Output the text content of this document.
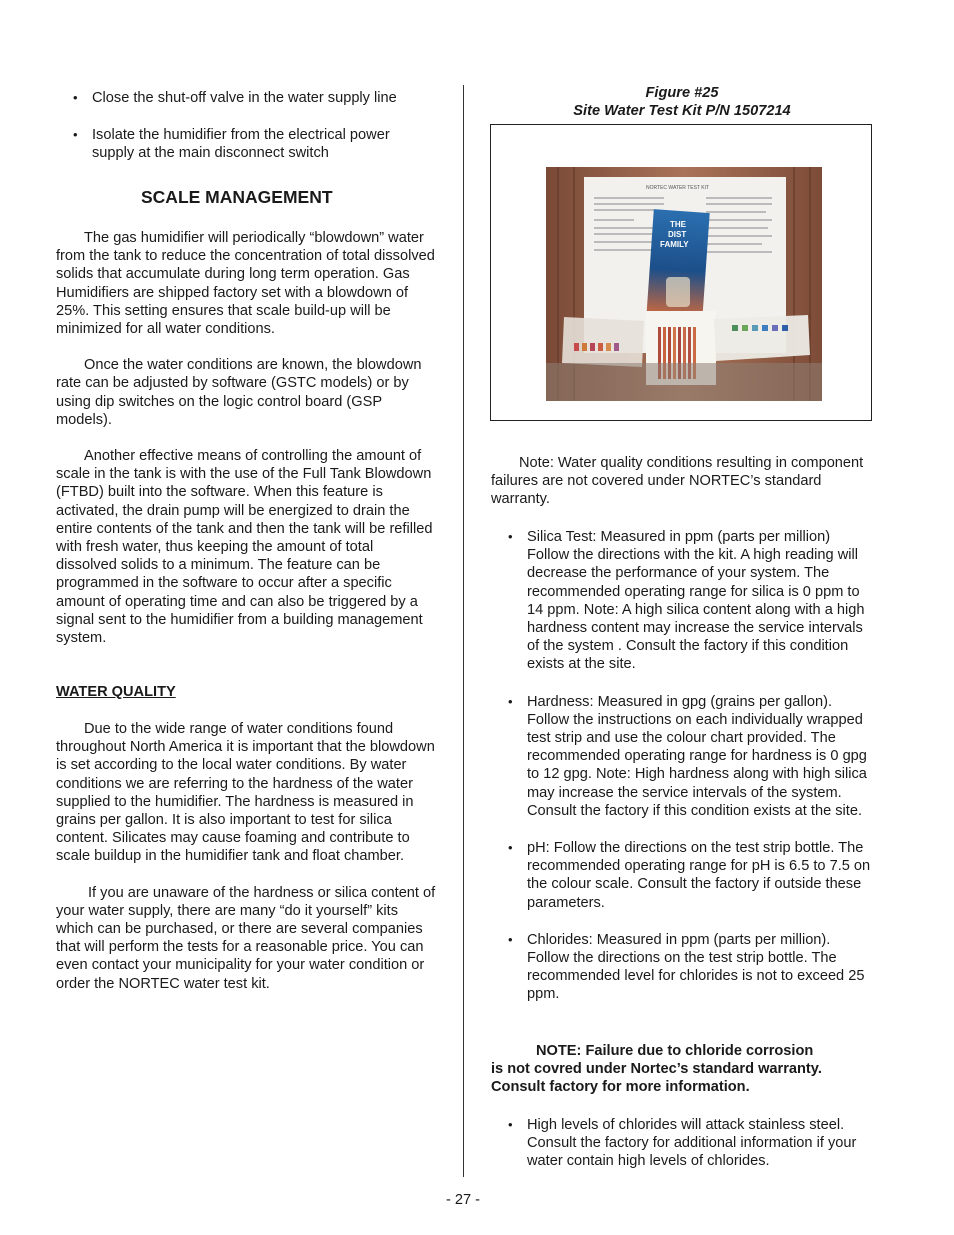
• Close the shut-off valve in the water supply line
• Isolate the humidifier from the electrical power supply at the main disconnect switch
SCALE MANAGEMENT

The gas humidifier will periodically “blowdown” water from the tank to reduce the concentration of total dissolved solids that accumulate during long term operation. Gas Humidifiers are shipped factory set with a blowdown of 25%. This setting ensures that scale build-up will be minimized for all water conditions.

Once the water conditions are known, the blowdown rate can be adjusted by software (GSTC models) or by using dip switches on the logic control board (GSP models).

Another effective means of controlling the amount of scale in the tank is with the use of the Full Tank Blowdown (FTBD) built into the software. When this feature is activated, the drain pump will be energized to drain the entire contents of the tank and then the tank will be refilled with fresh water, thus keeping the amount of total dissolved solids to a minimum. The feature can be programmed in the software to occur after a specific amount of operating time and can also be triggered by a signal sent to the humidifier from a building management system.

WATER QUALITY

Due to the wide range of water conditions found throughout North America it is important that the blowdown is set according to the local water conditions. By water conditions we are referring to the hardness of the water supplied to the humidifier. The hardness is measured in grains per gallon. It is also important to test for silica content. Silicates may cause foaming and contribute to scale buildup in the humidifier tank and float chamber.

If you are unaware of the hardness or silica content of your water supply, there are many “do it yourself” kits which can be purchased, or there are several companies that will perform the tests for a reasonable price. You can even contact your municipality for your water condition or order the NORTEC water test kit.

Figure #25
Site Water Test Kit P/N 1507214
NORTEC WATER TEST KIT
THE DIST FAMILY

Note: Water quality conditions resulting in component failures are not covered under NORTEC’s standard warranty.

• Silica Test: Measured in ppm (parts per million) Follow the directions with the kit. A high reading will decrease the performance of your system. The recommended operating range for silica is 0 ppm to 14 ppm. Note: A high silica content along with a high hardness content may increase the service intervals of the system . Consult the factory if this condition exists at the site.
• Hardness: Measured in gpg (grains per gallon). Follow the instructions on each individually wrapped test strip and use the colour chart provided. The recommended operating range for hardness is 0 gpg to 12 gpg. Note: High hardness along with high silica may increase the service intervals of the system. Consult the factory if this condition exists at the site.
• pH: Follow the directions on the test strip bottle. The recommended operating range for pH is 6.5 to 7.5 on the colour scale. Consult the factory if outside these parameters.
• Chlorides: Measured in ppm (parts per million). Follow the directions on the test strip bottle. The recommended level for chlorides is not to exceed 25 ppm.
NOTE: Failure due to chloride corrosion
is not covred under Nortec’s standard warranty.
Consult factory for more information.
• High levels of chlorides will attack stainless steel. Consult the factory for additional information if your water contain high levels of chlorides.
- 27 -
